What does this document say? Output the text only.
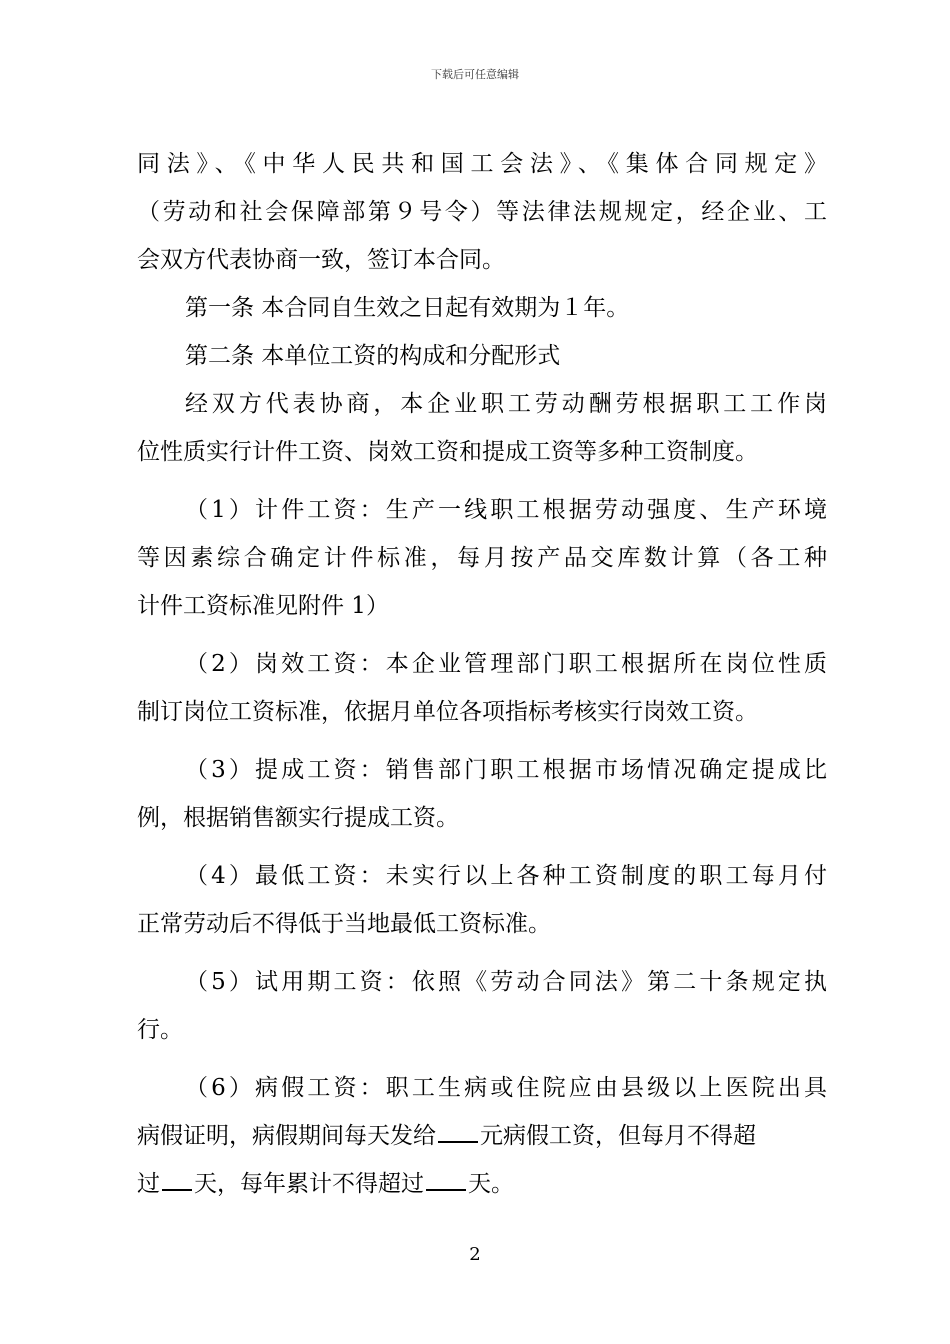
下载后可任意编辑
同法》、《中华人民共和国工会法》、《集体合同规定》
（劳动和社会保障部第９号令）等法律法规规定，经企业、工
会双方代表协商一致，签订本合同。
第一条 本合同自生效之日起有效期为１年。
第二条 本单位工资的构成和分配形式
经双方代表协商，本企业职工劳动酬劳根据职工工作岗
位性质实行计件工资、岗效工资和提成工资等多种工资制度。
（1）计件工资：生产一线职工根据劳动强度、生产环境
等因素综合确定计件标准，每月按产品交库数计算（各工种
计件工资标准见附件 1）
（2）岗效工资：本企业管理部门职工根据所在岗位性质
制订岗位工资标准，依据月单位各项指标考核实行岗效工资。
（3）提成工资：销售部门职工根据市场情况确定提成比
例，根据销售额实行提成工资。
（4）最低工资：未实行以上各种工资制度的职工每月付
正常劳动后不得低于当地最低工资标准。
（5）试用期工资：依照《劳动合同法》第二十条规定执
行。
（6）病假工资：职工生病或住院应由县级以上医院出具
病假证明，病假期间每天发给 元病假工资，但每月不得超
过 天，每年累计不得超过 天。
2
